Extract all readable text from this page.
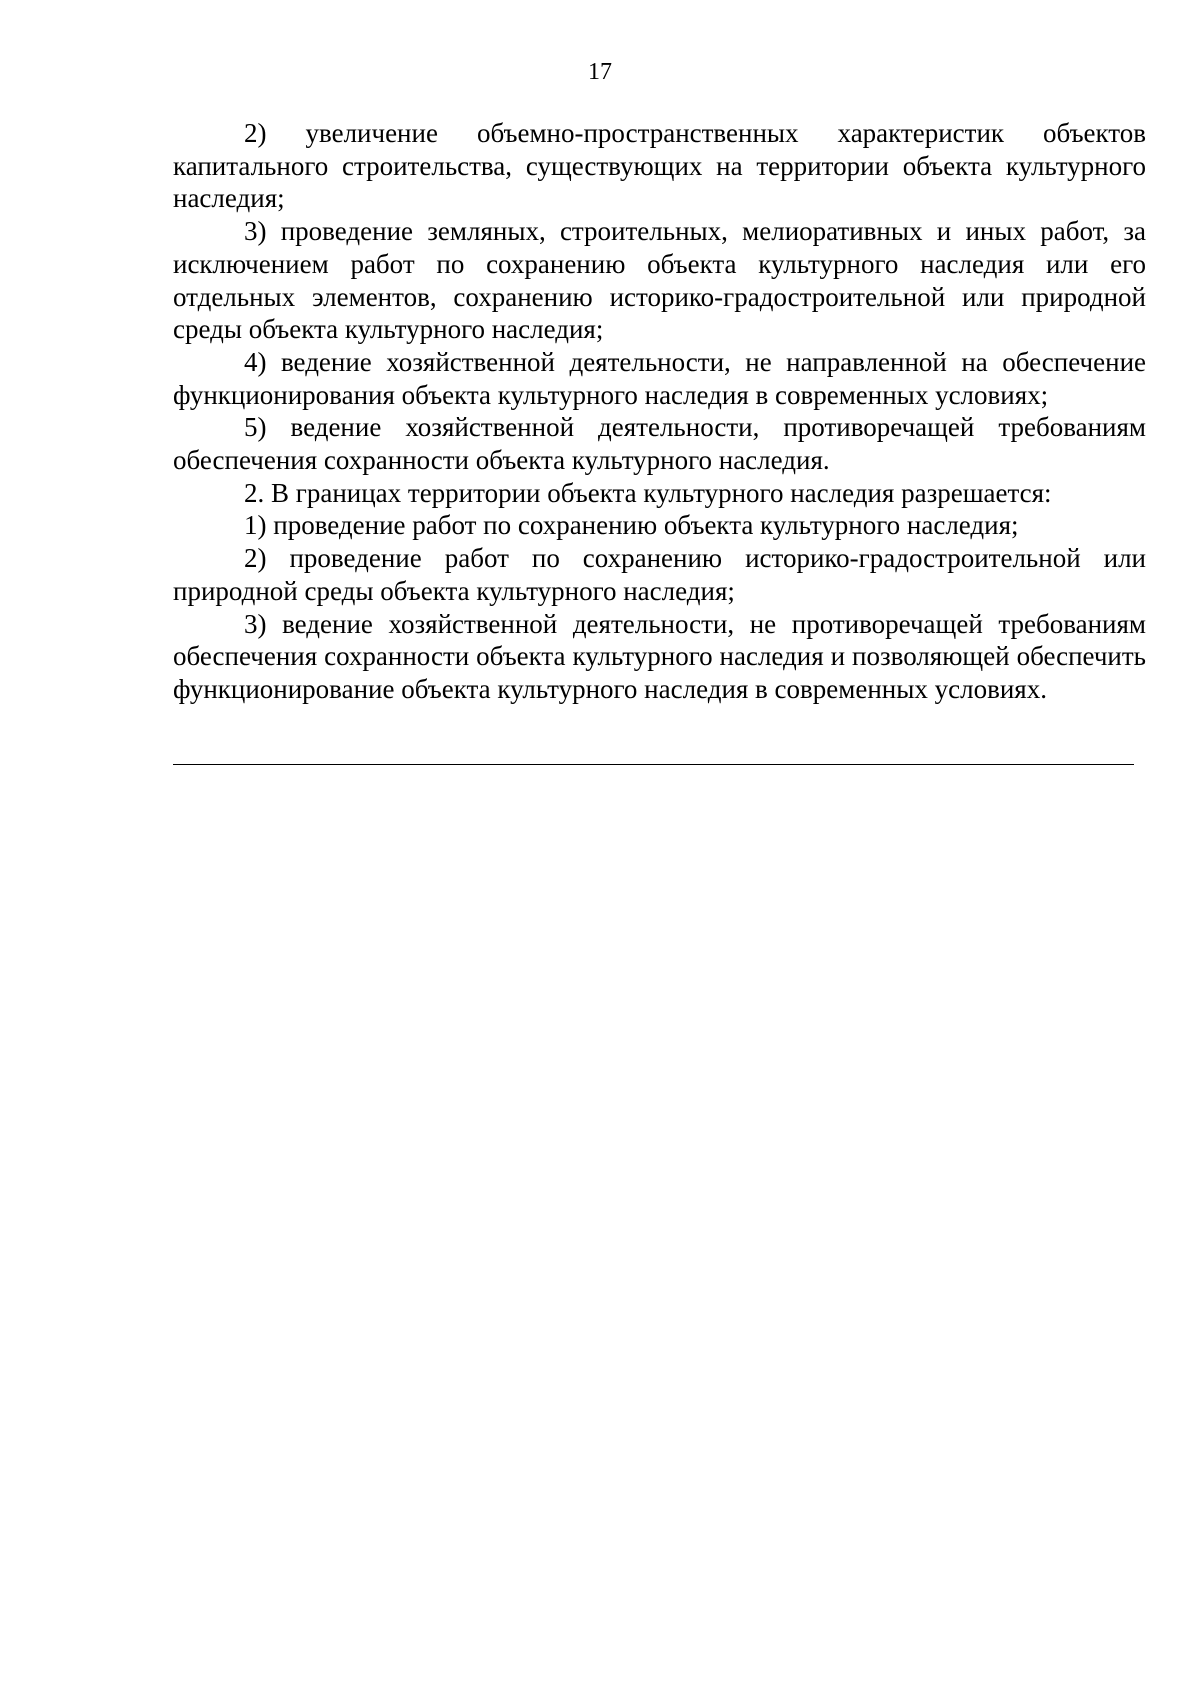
17

2) увеличение объемно-пространственных характеристик объектов капитального строительства, существующих на территории объекта культурного наследия;

3) проведение земляных, строительных, мелиоративных и иных работ, за исключением работ по сохранению объекта культурного наследия или его отдельных элементов, сохранению историко-градостроительной или природной среды объекта культурного наследия;

4) ведение хозяйственной деятельности, не направленной на обеспечение функционирования объекта культурного наследия в современных условиях;

5) ведение хозяйственной деятельности, противоречащей требованиям обеспечения сохранности объекта культурного наследия.

2. В границах территории объекта культурного наследия разрешается:

1) проведение работ по сохранению объекта культурного наследия;

2) проведение работ по сохранению историко-градостроительной или природной среды объекта культурного наследия;

3) ведение хозяйственной деятельности, не противоречащей требованиям обеспечения сохранности объекта культурного наследия и позволяющей обеспечить функционирование объекта культурного наследия в современных условиях.
